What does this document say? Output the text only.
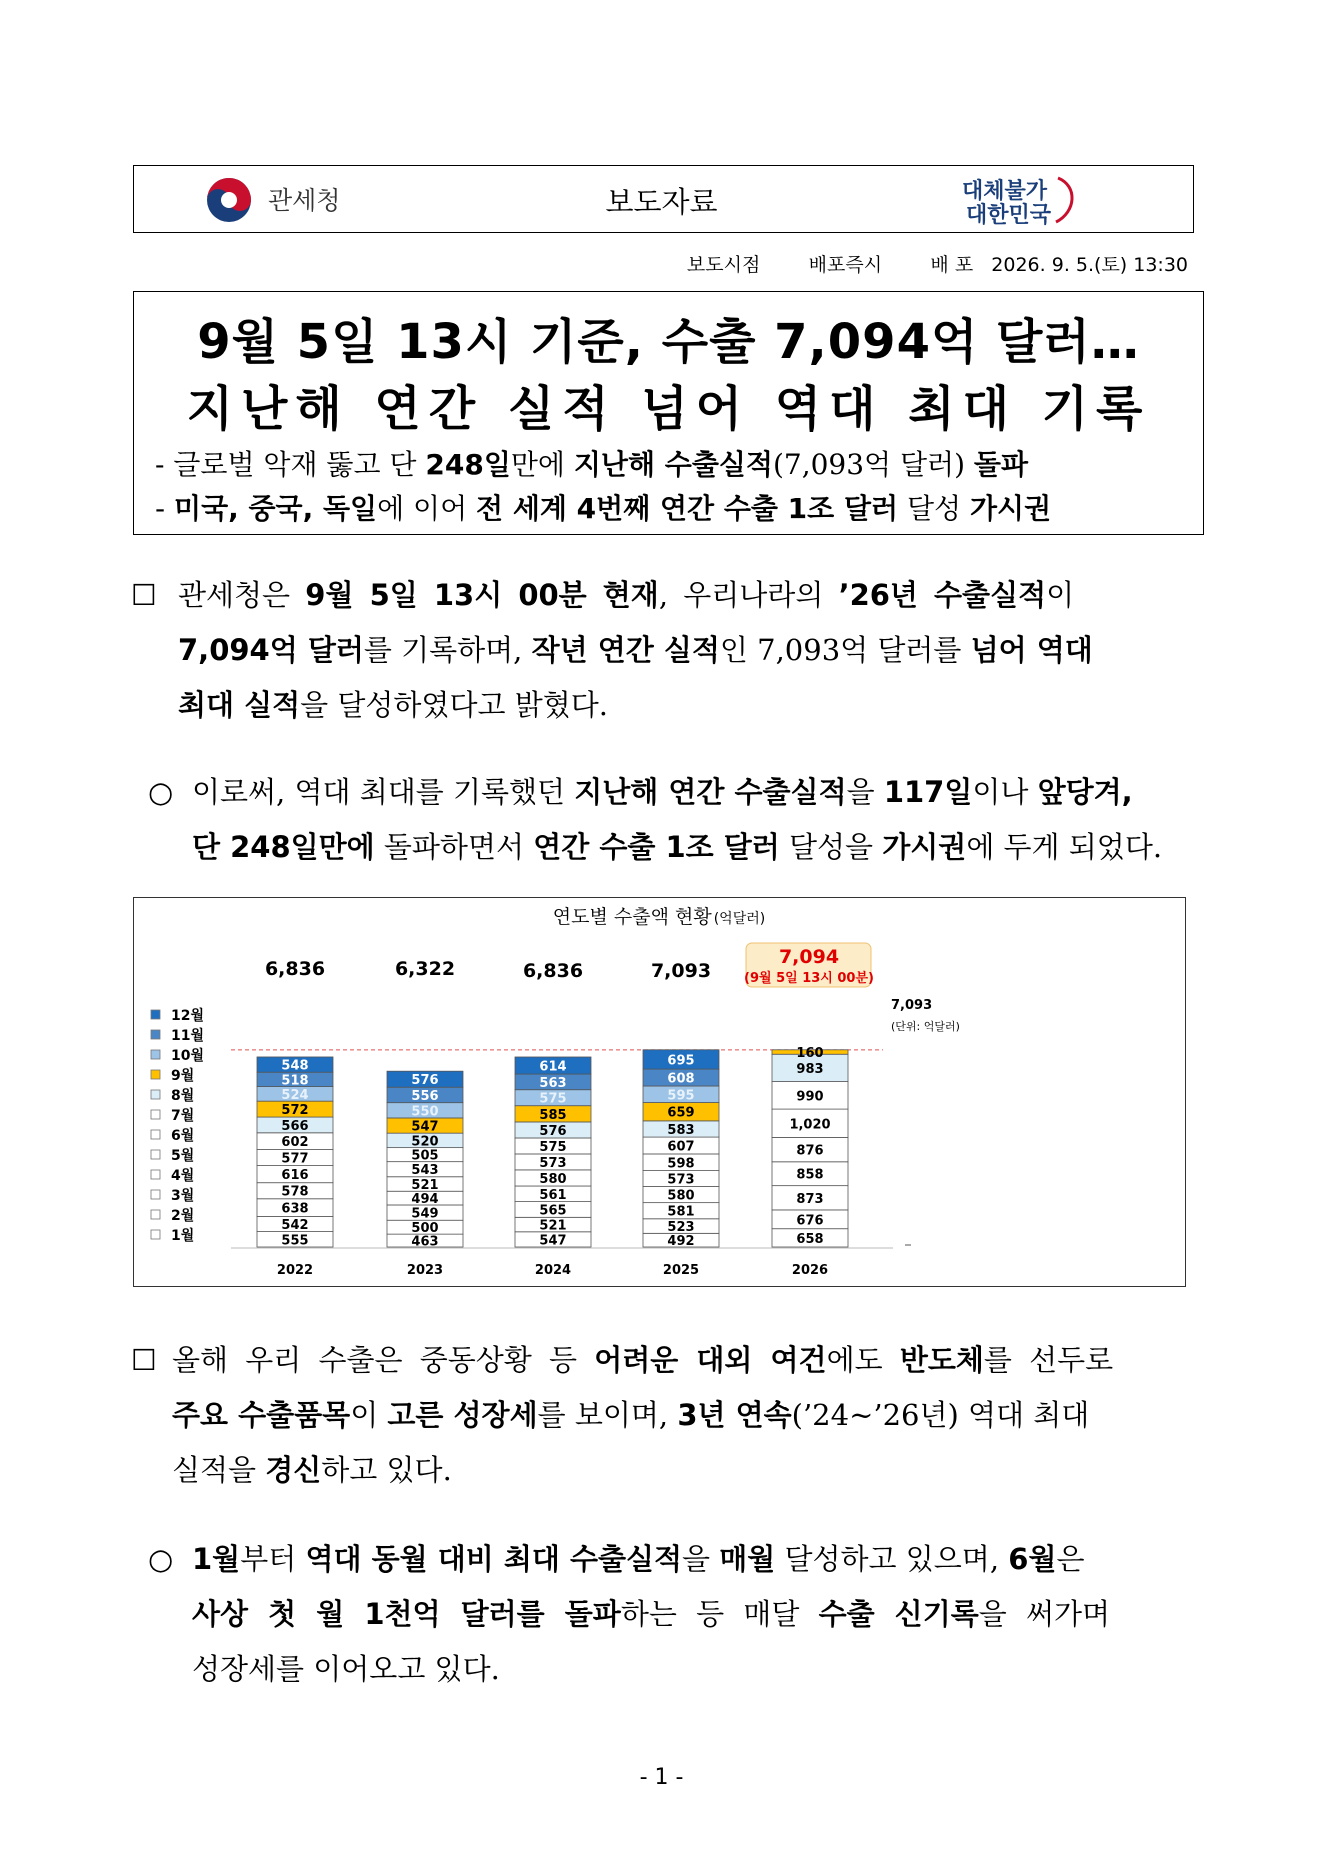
관세청	보도자료	대체불가
대한민국
보도시점
	배포즉시
	배 포
2026. 9. 5.(토) 13:30
9월 5일 13시 기준, 수출 7,094억 달러…
지난해 연간 실적 넘어 역대 최대 기록
- 글로벌 악재 뚫고 단 248일만에 지난해 수출실적(7,093억 달러) 돌파
- 미국, 중국, 독일에 이어 전 세계 4번째 연간 수출 1조 달러 달성 가시권
☐ 관세청은 9월 5일 13시 00분 현재, 우리나라의 ’26년 수출실적이
7,094억 달러를 기록하며, 작년 연간 실적인 7,093억 달러를 넘어 역대
최대 실적을 달성하였다고 밝혔다.
○ 이로써, 역대 최대를 기록했던 지난해 연간 수출실적을 117일이나 앞당겨,
단 248일만에 돌파하면서 연간 수출 1조 달러 달성을 가시권에 두게 되었다.
연도별 수출액 현황 (억달러)
12월
11월
10월
9월
8월
7월
6월
5월
4월
3월
2월
1월	555
542
638
578
616
577
602
566
572
524
518
548
6,836
2022
463
500
549
494
521
543
505
520
547
550
556
576
6,322
2023
547
521
565
561
580
573
575
576
585
575
563
614
6,836
2024
492
523
581
580
573
598
607
583
659
595
608
695
7,093
2025
658
676
873
858
876
1,020
990
983
160
2026
7,094
(9월 5일 13시 00분)
7,093
(단위: 억달러)
☐ 올해 우리 수출은 중동상황 등 어려운 대외 여건에도 반도체를 선두로
주요 수출품목이 고른 성장세를 보이며, 3년 연속(’24~’26년) 역대 최대
실적을 경신하고 있다.
○ 1월부터 역대 동월 대비 최대 수출실적을 매월 달성하고 있으며, 6월은
사상 첫 월 1천억 달러를 돌파하는 등 매달 수출 신기록을 써가며
성장세를 이어오고 있다.
- 1 -
